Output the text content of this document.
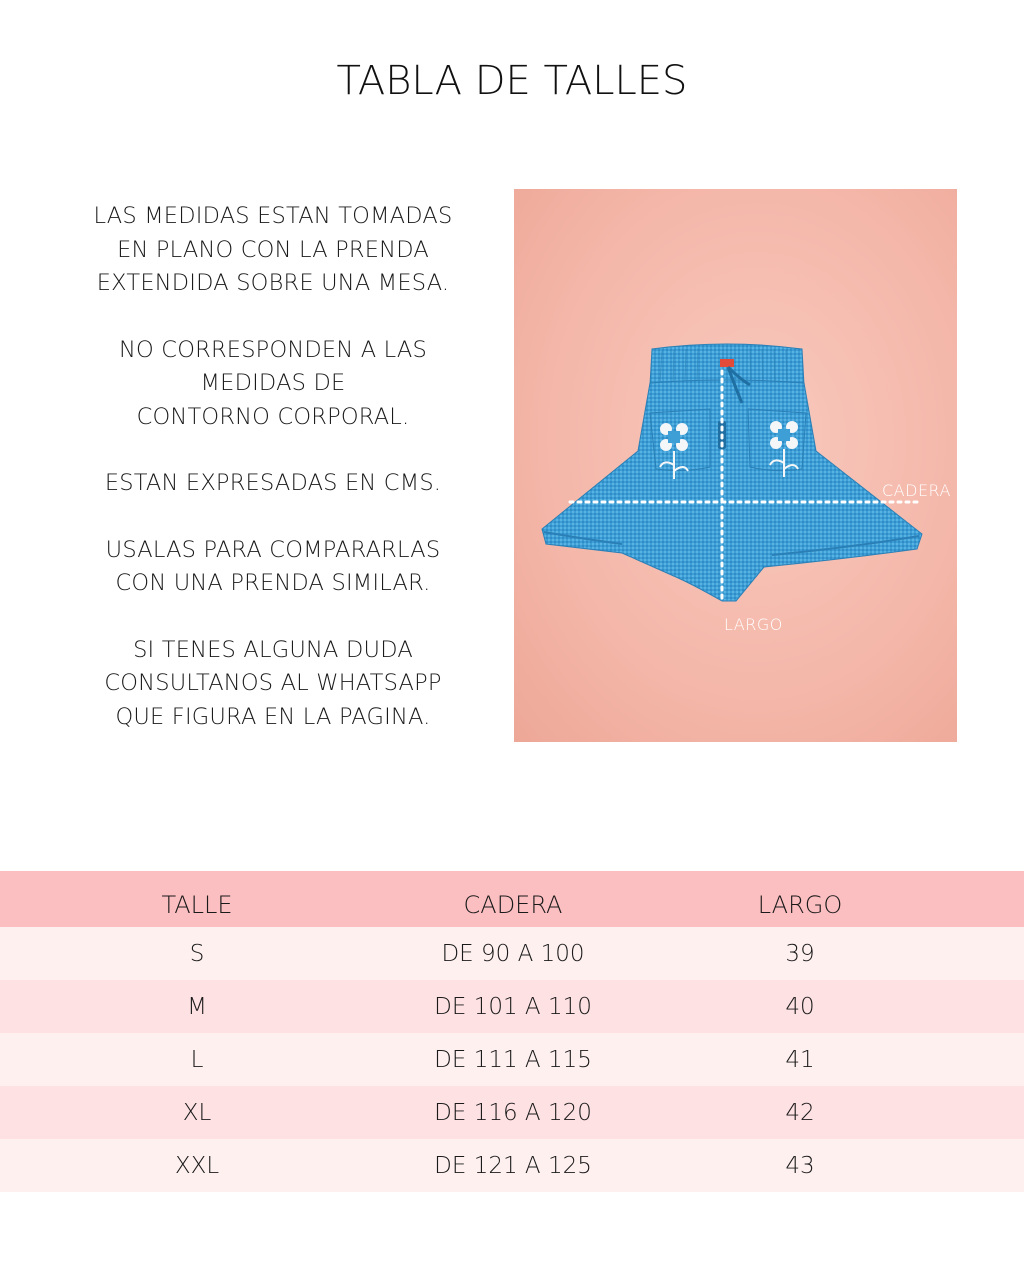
TABLA DE TALLES

LAS MEDIDAS ESTAN TOMADAS
EN PLANO CON LA PRENDA
EXTENDIDA SOBRE UNA MESA.

NO CORRESPONDEN A LAS
MEDIDAS DE
CONTORNO CORPORAL.

ESTAN EXPRESADAS EN CMS.

USALAS PARA COMPARARLAS
CON UNA PRENDA SIMILAR.

SI TENES ALGUNA DUDA
CONSULTANOS AL WHATSAPP
QUE FIGURA EN LA PAGINA.

CADERA
LARGO
TALLE	CADERA	LARGO
S	DE 90 A 100	39
M	DE 101 A 110	40
L	DE 111 A 115	41
XL	DE 116 A 120	42
XXL	DE 121 A 125	43
